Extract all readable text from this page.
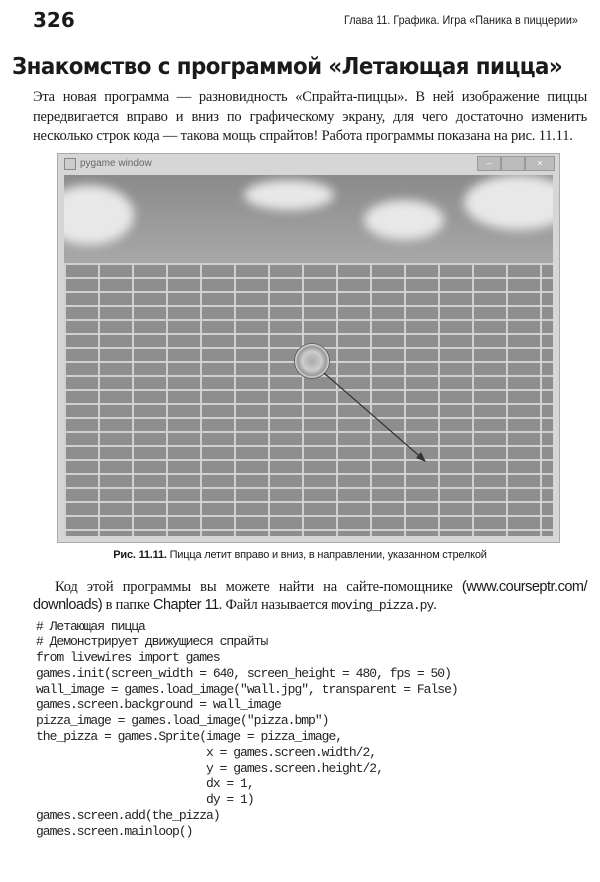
326	Глава 11. Графика. Игра «Паника в пиццерии»
Знакомство с программой «Летающая пицца»
Эта новая программа — разновидность «Спрайта-пиццы». В ней изображение пиццы передвигается вправо и вниз по графическому экрану, для чего достаточно изменить несколько строк кода — такова мощь спрайтов! Работа программы показана на рис. 11.11.
pygame window	–	×
Рис. 11.11. Пицца летит вправо и вниз, в направлении, указанном стрелкой
Код этой программы вы можете найти на сайте-помощнике (www.courseptr.com/ downloads) в папке Chapter 11. Файл называется moving_pizza.py.
# Летающая пицца
# Демонстрирует движущиеся спрайты
from livewires import games
games.init(screen_width = 640, screen_height = 480, fps = 50)
wall_image = games.load_image("wall.jpg", transparent = False)
games.screen.background = wall_image
pizza_image = games.load_image("pizza.bmp")
the_pizza = games.Sprite(image = pizza_image,
x = games.screen.width/2,
y = games.screen.height/2,
dx = 1,
dy = 1)
games.screen.add(the_pizza)
games.screen.mainloop()
